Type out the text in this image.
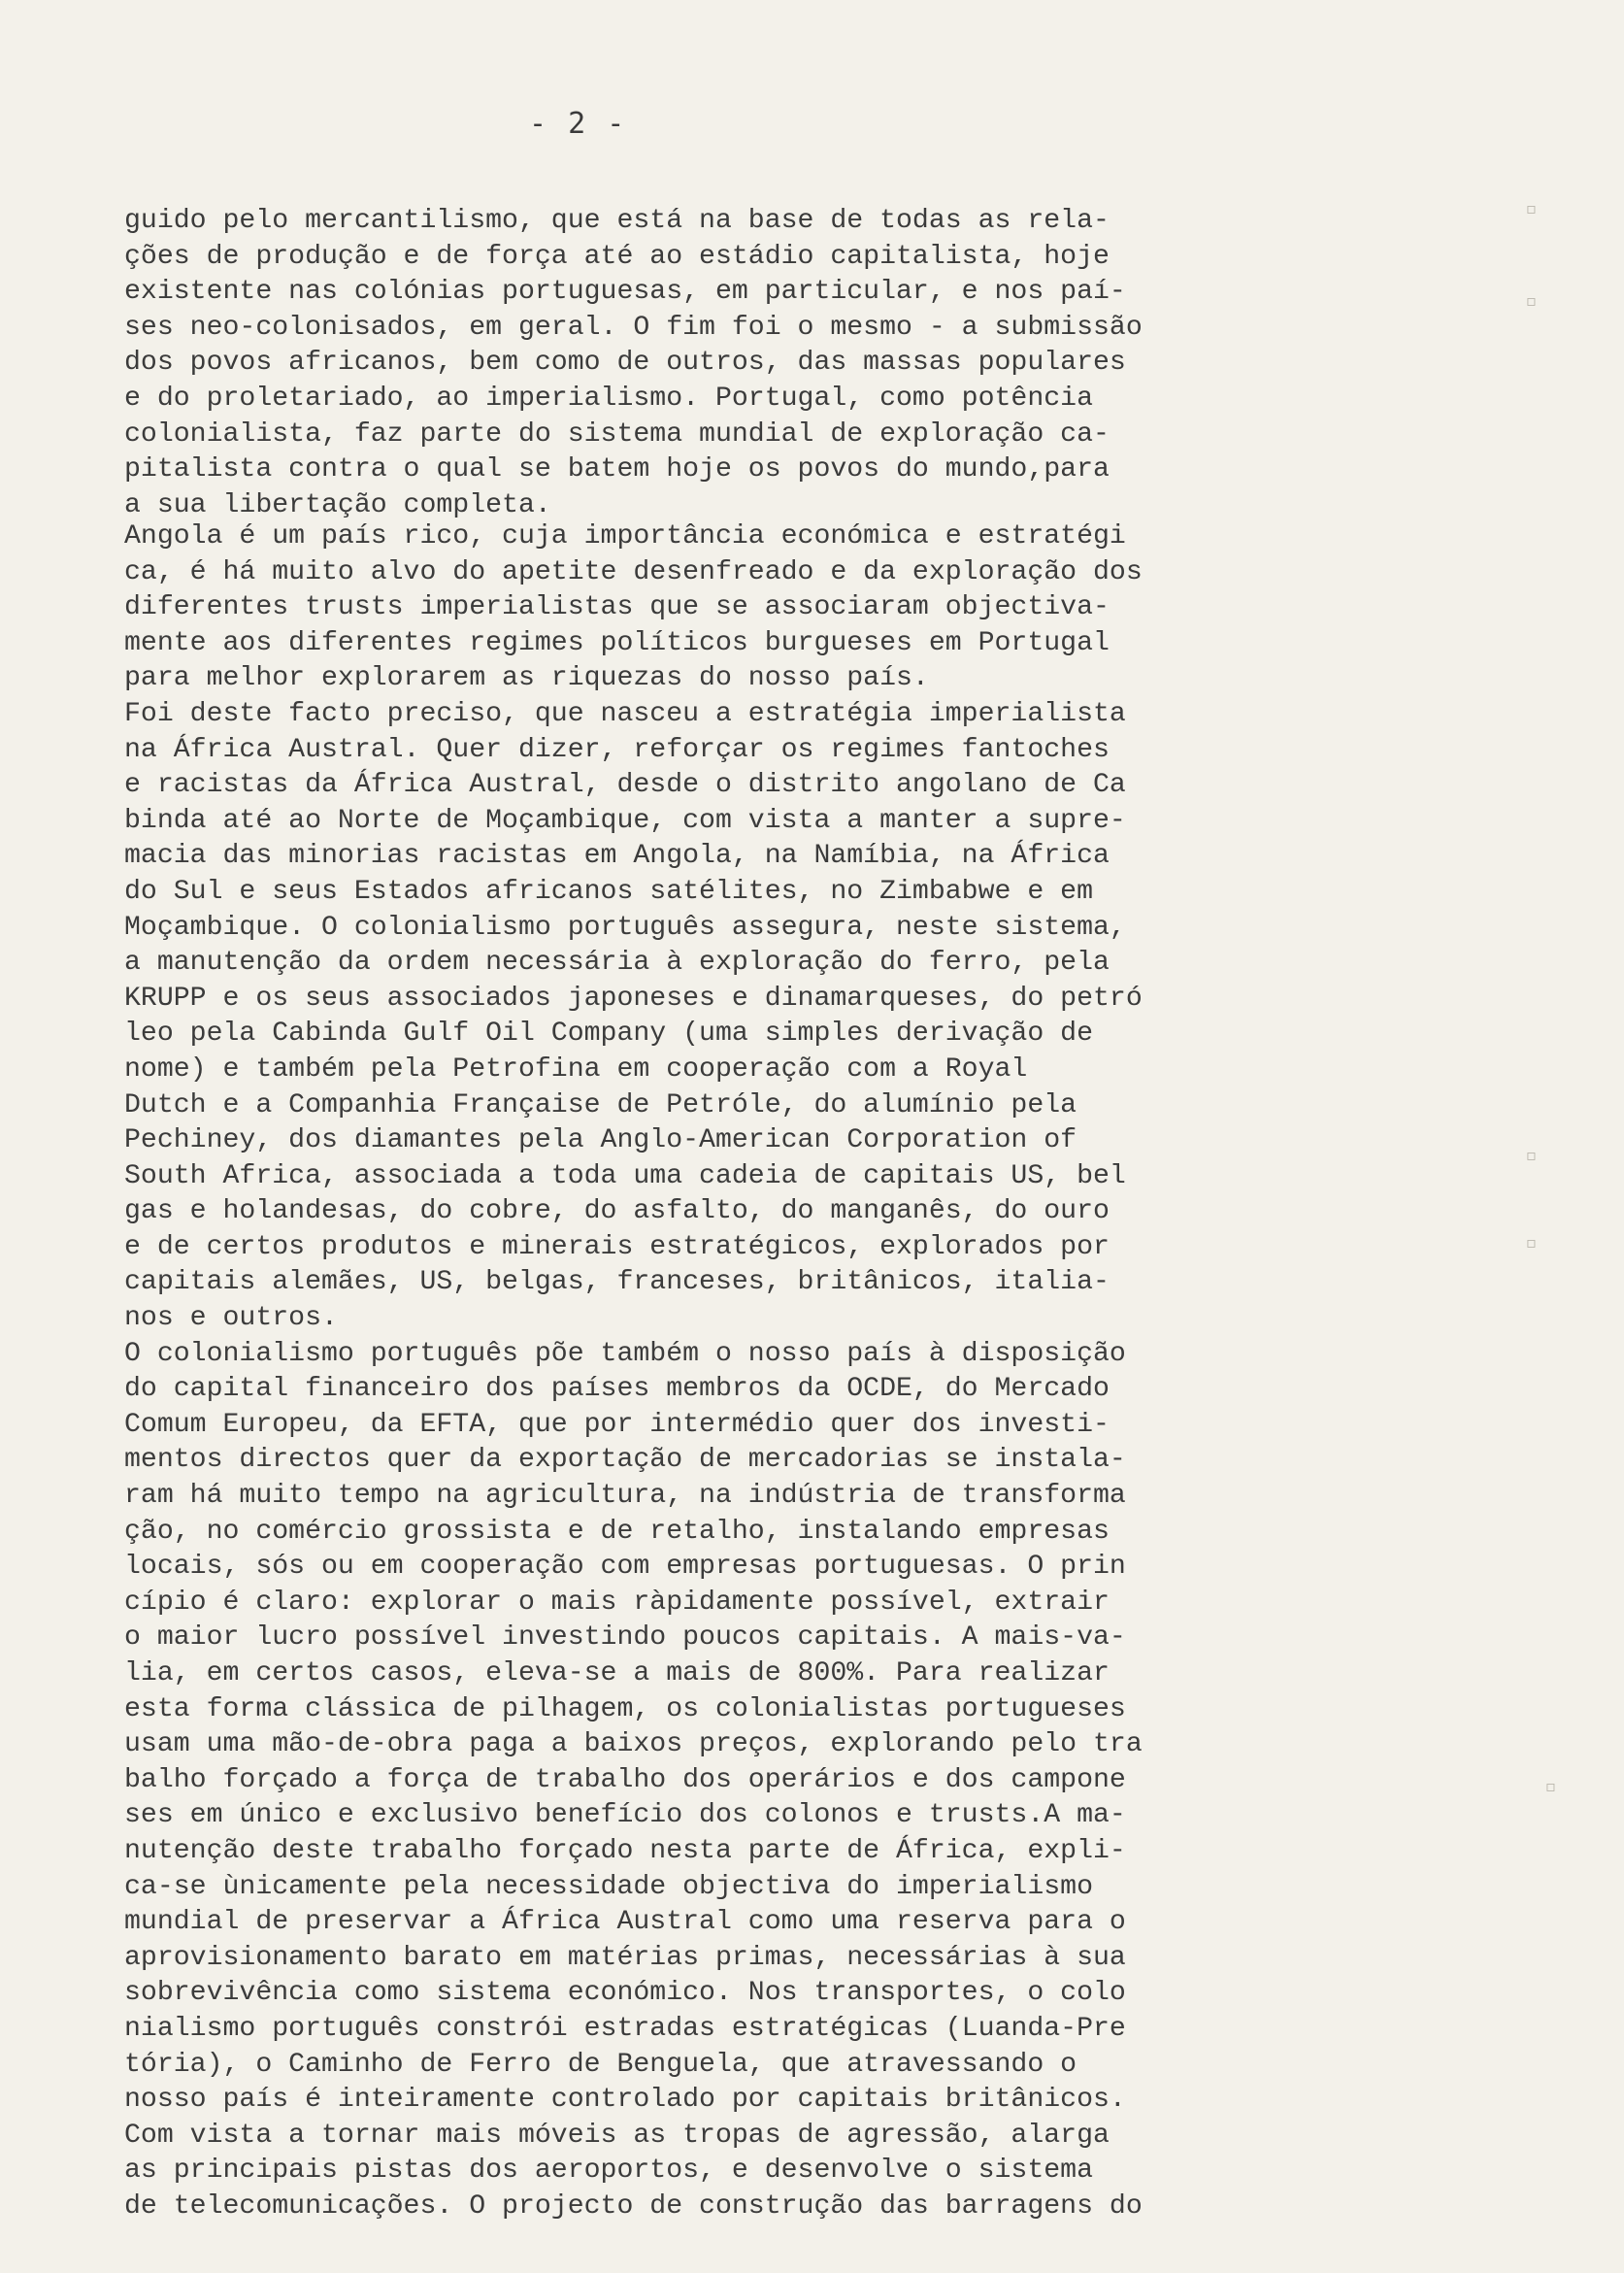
- 2 -
guido pelo mercantilismo, que está na base de todas as rela-
ções de produção e de força até ao estádio capitalista, hoje
existente nas colónias portuguesas, em particular, e nos paí-
ses neo-colonisados, em geral. O fim foi o mesmo - a submissão
dos povos africanos, bem como de outros, das massas populares
e do proletariado, ao imperialismo. Portugal, como potência
colonialista, faz parte do sistema mundial de exploração ca-
pitalista contra o qual se batem hoje os povos do mundo,para
a sua libertação completa.
Angola é um país rico, cuja importância económica e estratégi
ca, é há muito alvo do apetite desenfreado e da exploração dos
diferentes trusts imperialistas que se associaram objectiva-
mente aos diferentes regimes políticos burgueses em Portugal
para melhor explorarem as riquezas do nosso país.
Foi deste facto preciso, que nasceu a estratégia imperialista
na África Austral. Quer dizer, reforçar os regimes fantoches
e racistas da África Austral, desde o distrito angolano de Ca
binda até ao Norte de Moçambique, com vista a manter a supre-
macia das minorias racistas em Angola, na Namíbia, na África
do Sul e seus Estados africanos satélites, no Zimbabwe e em
Moçambique. O colonialismo português assegura, neste sistema,
a manutenção da ordem necessária à exploração do ferro, pela
KRUPP e os seus associados japoneses e dinamarqueses, do petró
leo pela Cabinda Gulf Oil Company (uma simples derivação de
nome) e também pela Petrofina em cooperação com a Royal
Dutch e a Companhia Française de Petróle, do alumínio pela
Pechiney, dos diamantes pela Anglo-American Corporation of
South Africa, associada a toda uma cadeia de capitais US, bel
gas e holandesas, do cobre, do asfalto, do manganês, do ouro
e de certos produtos e minerais estratégicos, explorados por
capitais alemães, US, belgas, franceses, britânicos, italia-
nos e outros.
O colonialismo português põe também o nosso país à disposição
do capital financeiro dos países membros da OCDE, do Mercado
Comum Europeu, da EFTA, que por intermédio quer dos investi-
mentos directos quer da exportação de mercadorias se instala-
ram há muito tempo na agricultura, na indústria de transforma
ção, no comércio grossista e de retalho, instalando empresas
locais, sós ou em cooperação com empresas portuguesas. O prin
cípio é claro: explorar o mais ràpidamente possível, extrair
o maior lucro possível investindo poucos capitais. A mais-va-
lia, em certos casos, eleva-se a mais de 800%. Para realizar
esta forma clássica de pilhagem, os colonialistas portugueses
usam uma mão-de-obra paga a baixos preços, explorando pelo tra
balho forçado a força de trabalho dos operários e dos campone
ses em único e exclusivo benefício dos colonos e trusts.A ma-
nutenção deste trabalho forçado nesta parte de África, expli-
ca-se ùnicamente pela necessidade objectiva do imperialismo
mundial de preservar a África Austral como uma reserva para o
aprovisionamento barato em matérias primas, necessárias à sua
sobrevivência como sistema económico. Nos transportes, o colo
nialismo português constrói estradas estratégicas (Luanda-Pre
tória), o Caminho de Ferro de Benguela, que atravessando o
nosso país é inteiramente controlado por capitais britânicos.
Com vista a tornar mais móveis as tropas de agressão, alarga
as principais pistas dos aeroportos, e desenvolve o sistema
de telecomunicações. O projecto de construção das barragens do
▫
▫
▫
▫
▫
